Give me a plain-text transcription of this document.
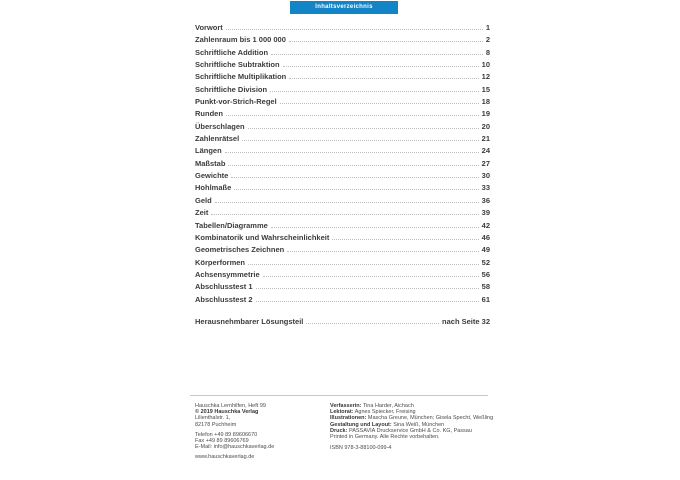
Inhaltsverzeichnis
Vorwort	1
Zahlenraum bis 1 000 000	2
Schriftliche Addition	8
Schriftliche Subtraktion	10
Schriftliche Multiplikation	12
Schriftliche Division	15
Punkt-vor-Strich-Regel	18
Runden	19
Überschlagen	20
Zahlenrätsel	21
Längen	24
Maßstab	27
Gewichte	30
Hohlmaße	33
Geld	36
Zeit	39
Tabellen/Diagramme	42
Kombinatorik und Wahrscheinlichkeit	46
Geometrisches Zeichnen	49
Körperformen	52
Achsensymmetrie	56
Abschlusstest 1	58
Abschlusstest 2	61
Herausnehmbarer Lösungsteil	nach Seite 32
Hauschka Lernhilfen, Heft 99
© 2019 Hauschka Verlag
Lilienthalstr. 1,
82178 Puchheim
Telefon +49 89 89606670
Fax +49 89 89606769
E-Mail: info@hauschkaverlag.de
www.hauschkaverlag.de
Verfasserin: Tina Harder, Aichach
Lektorat: Agnes Spiecker, Freising
Illustrationen: Mascha Greune, München; Gisela Specht, Weßling
Gestaltung und Layout: Sina Weiß, München
Druck: PASSAVIA Druckservice GmbH & Co. KG, Passau
Printed in Germany. Alle Rechte vorbehalten.
ISBN 978-3-88100-099-4
